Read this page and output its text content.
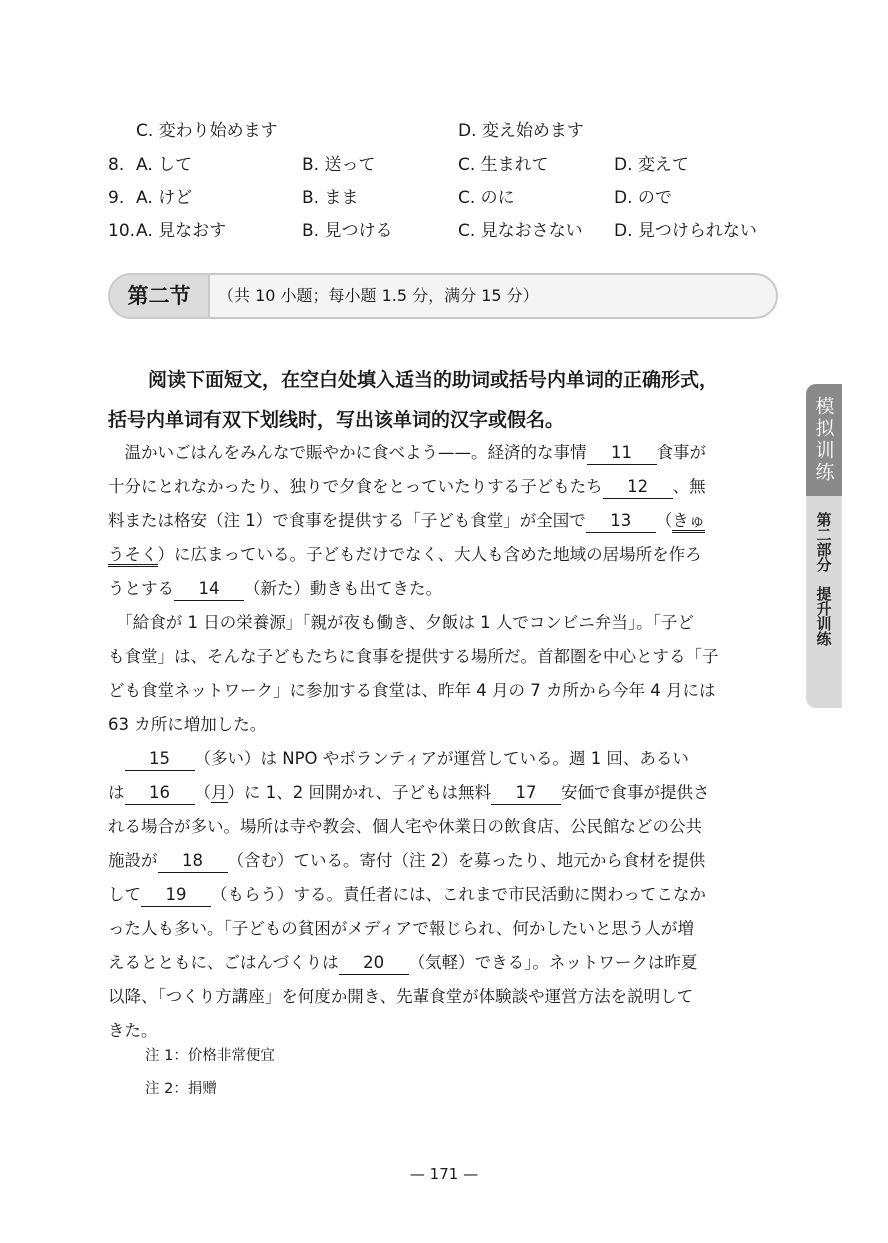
C. 変わり始めます	D. 変え始めます
8. A. して	B. 送って	C. 生まれて	D. 変えて
9. A. けど	B. まま	C. のに	D. ので
10. A. 見なおす	B. 見つける	C. 見なおさない D. 見つけられない
第二节	（共 10 小题；每小题 1.5 分，满分 15 分）
阅读下面短文，在空白处填入适当的助词或括号内单词的正确形式，
括号内单词有双下划线时，写出该单词的汉字或假名。
　温かいごはんをみんなで賑やかに食べよう——。経済的な事情 11 食事が
十分にとれなかったり、独りで夕食をとっていたりする子どもたち 12 、無
料または格安（注 1）で食事を提供する「子ども食堂」が全国で 13 （きゅ
うそく）に広まっている。子どもだけでなく、大人も含めた地域の居場所を作ろ
うとする 14 （新た）動きも出てきた。
　「給食が 1 日の栄養源」「親が夜も働き、夕飯は 1 人でコンビニ弁当」。「子ど
も食堂」は、そんな子どもたちに食事を提供する場所だ。首都圏を中心とする「子
ども食堂ネットワーク」に参加する食堂は、昨年 4 月の 7 カ所から今年 4 月には
63 カ所に増加した。
　15 （多い）は NPO やボランティアが運営している。週 1 回、あるい
は 16 （月）に 1、2 回開かれ、子どもは無料 17 安価で食事が提供さ
れる場合が多い。場所は寺や教会、個人宅や休業日の飲食店、公民館などの公共
施設が 18 （含む）ている。寄付（注 2）を募ったり、地元から食材を提供
して 19 （もらう）する。責任者には、これまで市民活動に関わってこなか
った人も多い。「子どもの貧困がメディアで報じられ、何かしたいと思う人が増
えるとともに、ごはんづくりは 20 （気軽）できる」。ネットワークは昨夏
以降、「つくり方講座」を何度か開き、先輩食堂が体験談や運営方法を説明して
きた。
注 1：价格非常便宜
注 2：捐赠
模拟训练
第二部分
提升训练
— 171 —
